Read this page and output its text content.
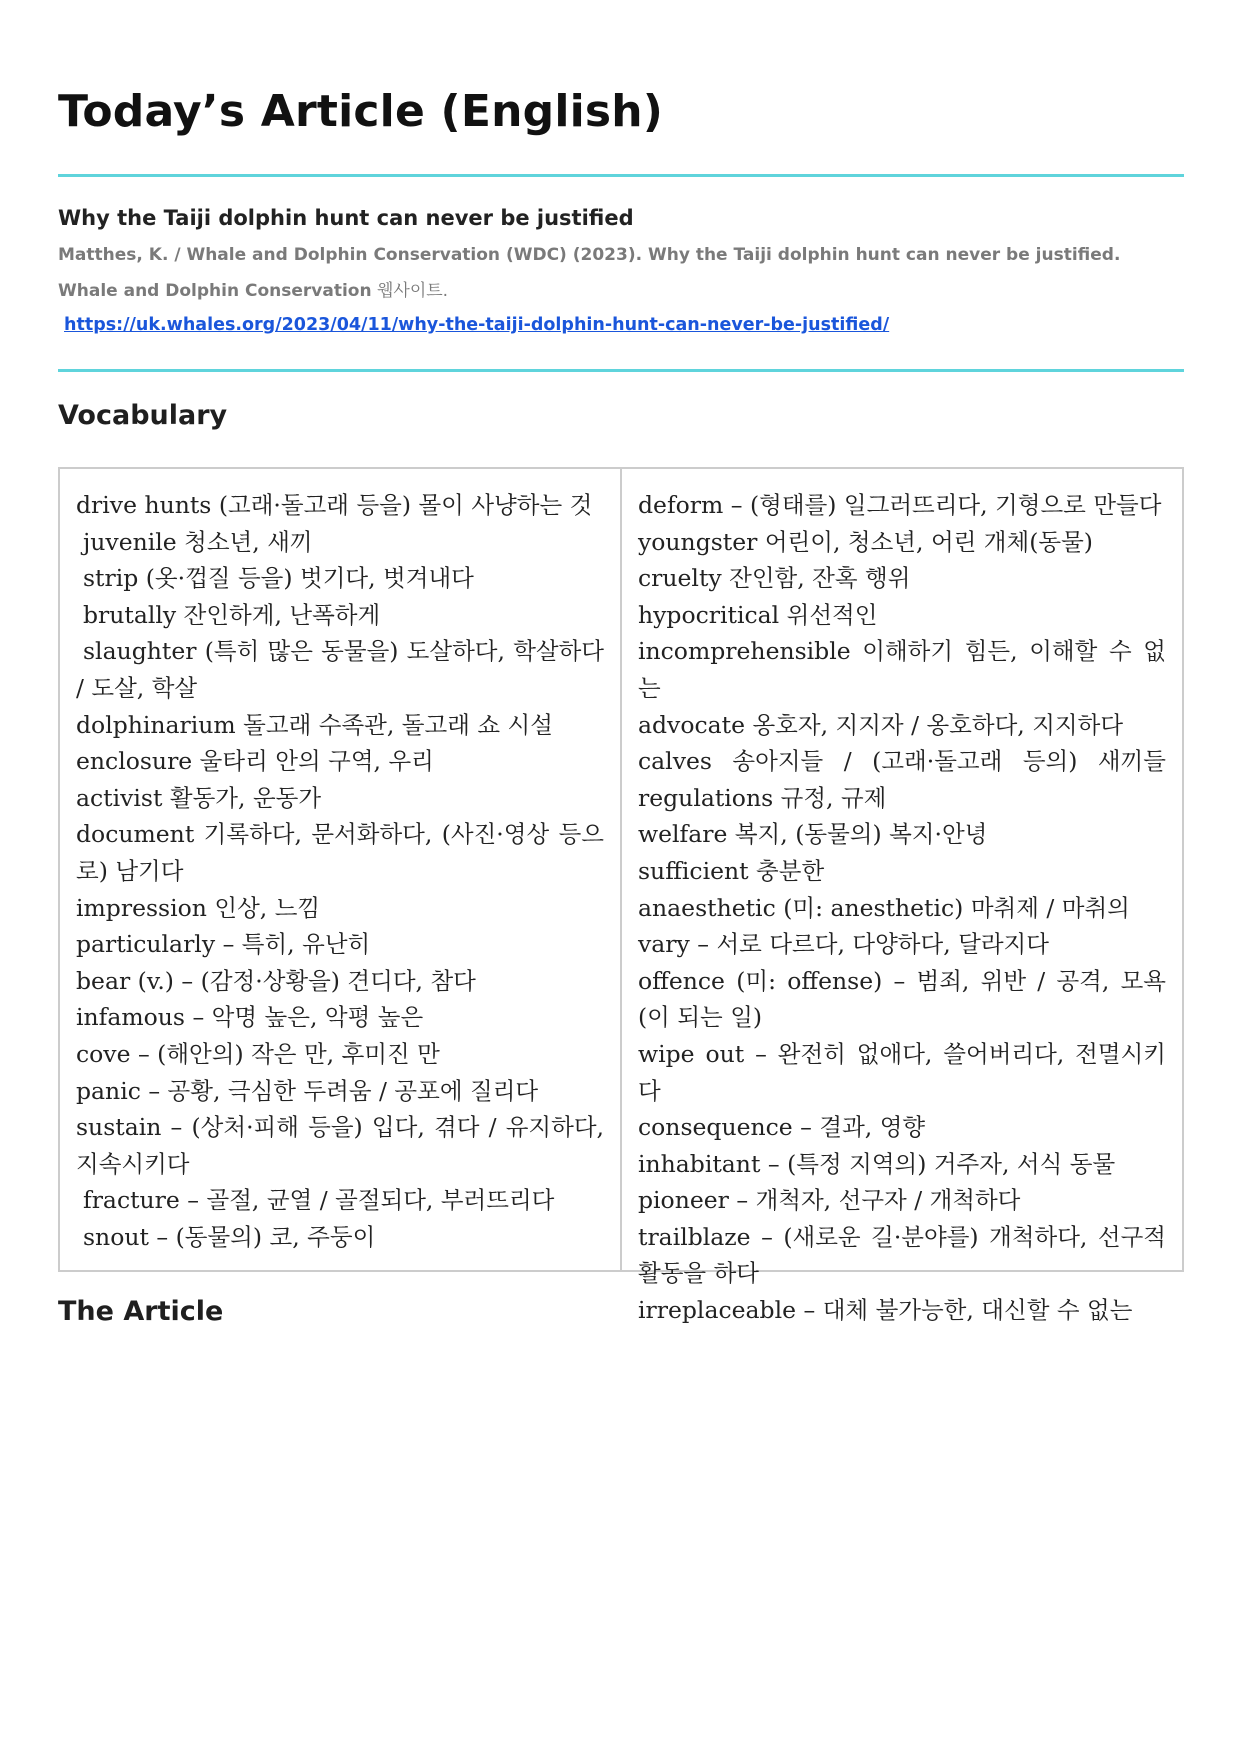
Today’s Article (English)
Why the Taiji dolphin hunt can never be justified

Matthes, K. / Whale and Dolphin Conservation (WDC) (2023). Why the Taiji dolphin hunt can never be justified. Whale and Dolphin Conservation 웹사이트.

https://uk.whales.org/2023/04/11/why-the-taiji-dolphin-hunt-can-never-be-justified/
Vocabulary

drive hunts (고래·돌고래 등을) 몰이 사냥하는 것

juvenile 청소년, 새끼

strip (옷·껍질 등을) 벗기다, 벗겨내다

brutally 잔인하게, 난폭하게

slaughter (특히 많은 동물을) 도살하다, 학살하다 / 도살, 학살

dolphinarium 돌고래 수족관, 돌고래 쇼 시설

enclosure 울타리 안의 구역, 우리

activist 활동가, 운동가

document 기록하다, 문서화하다, (사진·영상 등으로) 남기다

impression 인상, 느낌

particularly – 특히, 유난히

bear (v.) – (감정·상황을) 견디다, 참다

infamous – 악명 높은, 악평 높은

cove – (해안의) 작은 만, 후미진 만

panic – 공황, 극심한 두려움 / 공포에 질리다

sustain – (상처·피해 등을) 입다, 겪다 / 유지하다, 지속시키다

fracture – 골절, 균열 / 골절되다, 부러뜨리다

snout – (동물의) 코, 주둥이

deform – (형태를) 일그러뜨리다, 기형으로 만들다

youngster 어린이, 청소년, 어린 개체(동물)

cruelty 잔인함, 잔혹 행위

hypocritical 위선적인

incomprehensible 이해하기 힘든, 이해할 수 없는

advocate 옹호자, 지지자 / 옹호하다, 지지하다

calves 송아지들 / (고래·돌고래 등의) 새끼들

regulations 규정, 규제

welfare 복지, (동물의) 복지·안녕

sufficient 충분한

anaesthetic (미: anesthetic) 마취제 / 마취의

vary – 서로 다르다, 다양하다, 달라지다

offence (미: offense) – 범죄, 위반 / 공격, 모욕(이 되는 일)

wipe out – 완전히 없애다, 쓸어버리다, 전멸시키다

consequence – 결과, 영향

inhabitant – (특정 지역의) 거주자, 서식 동물

pioneer – 개척자, 선구자 / 개척하다

trailblaze – (새로운 길·분야를) 개척하다, 선구적 활동을 하다

irreplaceable – 대체 불가능한, 대신할 수 없는

The Article
